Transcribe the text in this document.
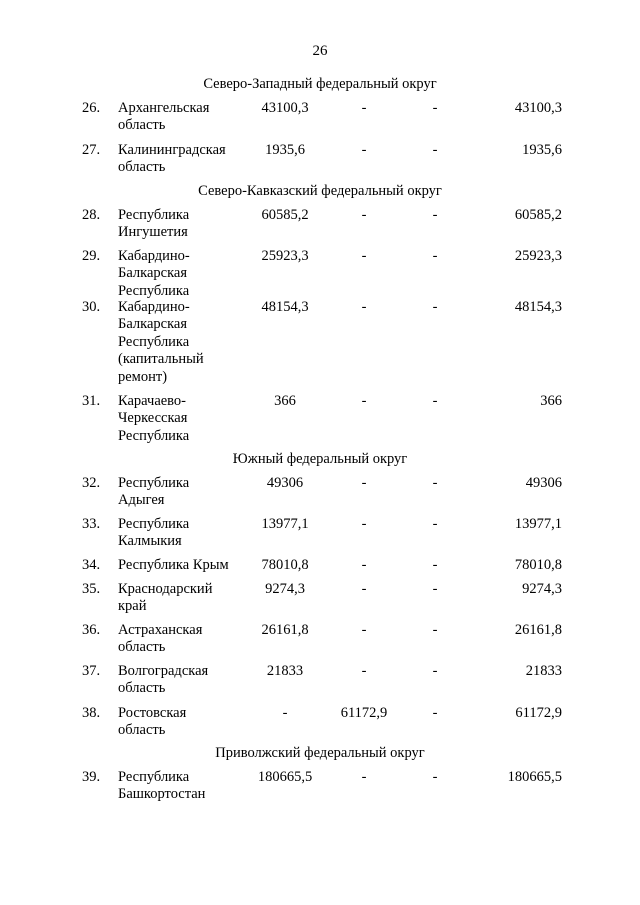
26
Северо-Западный федеральный округ
26. Архангельская
область
43100,3	-	-	43100,3
27. Калининградская
область
1935,6	-	-	1935,6
Северо-Кавказский федеральный округ
28. Республика
Ингушетия
60585,2	-	-	60585,2
29. Кабардино-
Балкарская
Республика
25923,3	-	-	25923,3
30. Кабардино-
Балкарская
Республика
(капитальный
ремонт)
48154,3	-	-	48154,3
31. Карачаево-
Черкесская
Республика
366	-	-	366
Южный федеральный округ
32. Республика
Адыгея
49306	-	-	49306
33. Республика
Калмыкия
13977,1	-	-	13977,1
34. Республика Крым	78010,8	-	-	78010,8
35. Краснодарский
край
9274,3	-	-	9274,3
36. Астраханская
область
26161,8	-	-	26161,8
37. Волгоградская
область
21833	-	-	21833
38. Ростовская
область
-	61172,9	-	61172,9
Приволжский федеральный округ
39. Республика
Башкортостан
180665,5	-	-	180665,5
